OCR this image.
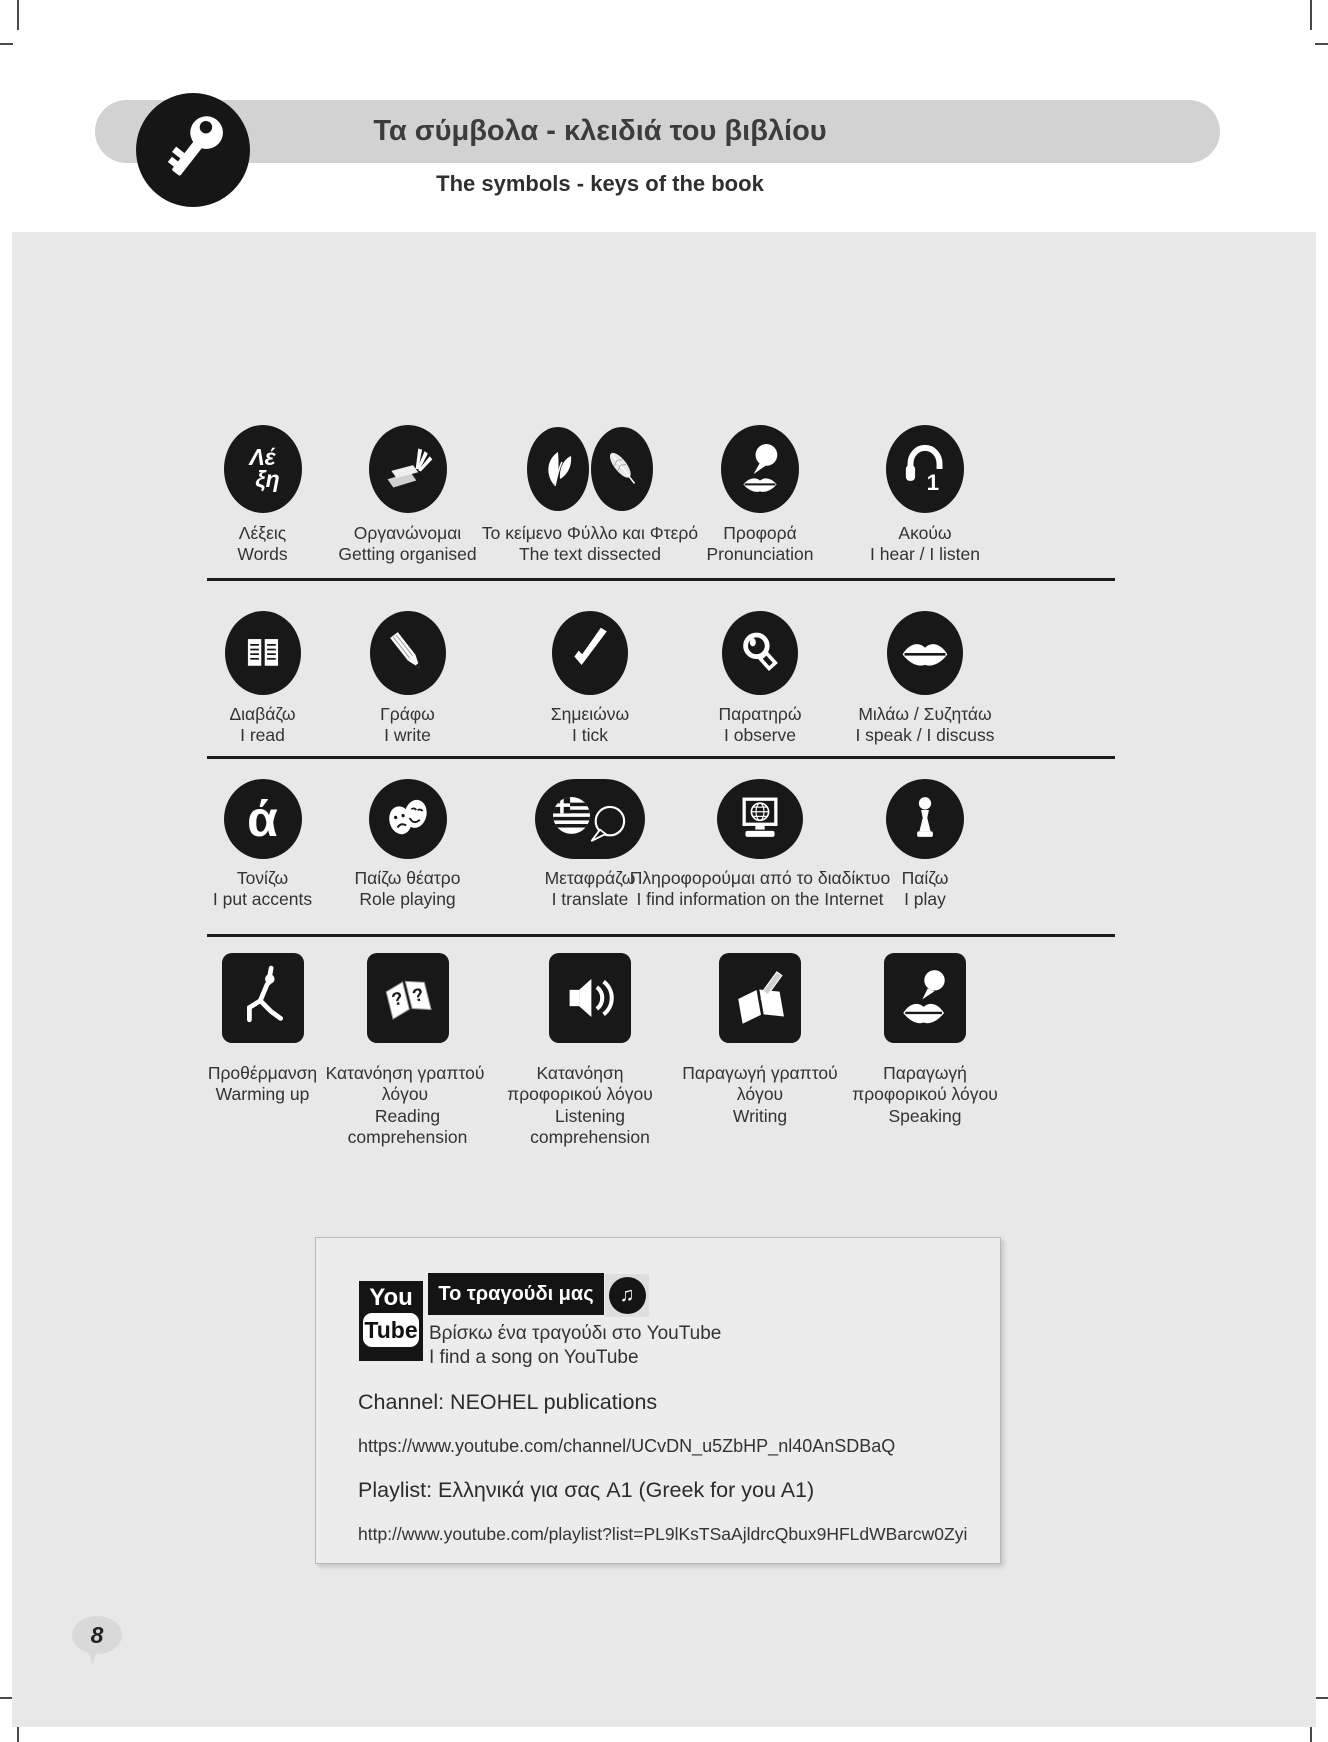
Τα σύμβολα - κλειδιά του βιβλίου
The symbols - keys of the book
Λέ
ξη
Λέξεις
Words
Οργανώνομαι
Getting organised
Το κείμενο Φύλλο και Φτερό
The text dissected
Προφορά
Pronunciation
1
Ακούω
I hear / I listen
Διαβάζω
I read
Γράφω
I write
Σημειώνω
I tick
Παρατηρώ
I observe
Μιλάω / Συζητάω
I speak / I discuss
ά
Τονίζω
I put accents
Παίζω θέατρο
Role playing
Μεταφράζω
I translate
Πληροφορούμαι από το διαδίκτυο
I find information on the Internet
Παίζω
I play
Προθέρμανση
Warming up
? ?
Κατανόηση γραπτού λόγου
Reading comprehension
Κατανόηση προφορικού λόγου
Listening comprehension
Παραγωγή γραπτού λόγου
Writing
Παραγωγή προφορικού λόγου
Speaking
You
Tube
Το τραγούδι μας ♫
Βρίσκω ένα τραγούδι στο YouTube
I find a song on YouTube
Channel: NEOHEL publications
https://www.youtube.com/channel/UCvDN_u5ZbHP_nl40AnSDBaQ
Playlist: Ελληνικά για σας A1 (Greek for you A1)
http://www.youtube.com/playlist?list=PL9lKsTSaAjldrcQbux9HFLdWBarcw0Zyi
8
